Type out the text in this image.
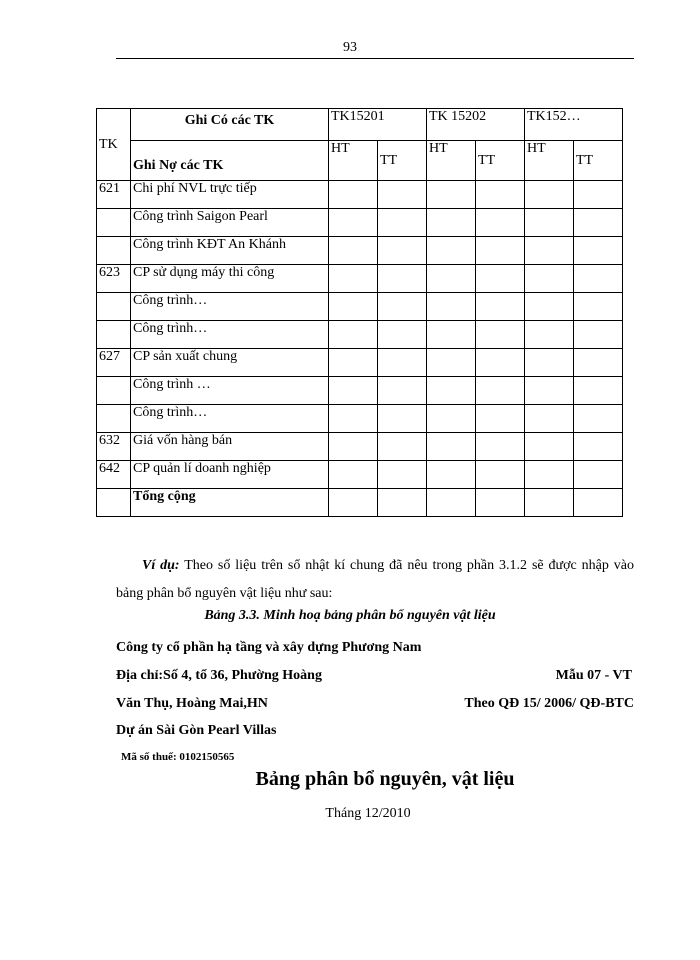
93
TK	Ghi Có các TK	TK15201		TK 15202		TK152…	
	Ghi Nợ các TK	HT	TT	HT	TT	HT	TT
621	Chi phí NVL trực tiếp						
	Công trình Saigon Pearl						
	Công trình KĐT An Khánh						
623	CP sử dụng máy thi công						
	Công trình…						
	Công trình…						
627	CP sản xuất chung						
	Công trình …						
	Công trình…						
632	Giá vốn hàng bán						
642	CP quản lí doanh nghiệp						
	Tổng cộng						
Ví dụ: Theo số liệu trên sổ nhật kí chung đã nêu trong phần 3.1.2 sẽ được nhập vào bảng phân bổ nguyên vật liệu như sau:
Bảng 3.3. Minh hoạ bảng phân bổ nguyên vật liệu
Công ty cổ phần hạ tầng và xây dựng Phương Nam
Địa chỉ:Số 4, tổ 36, Phường Hoàng	Mẫu 07 - VT
Văn Thụ, Hoàng Mai,HN	Theo QĐ 15/ 2006/ QĐ-BTC
Dự án Sài Gòn Pearl Villas
Mã số thuế: 0102150565
Bảng phân bổ nguyên, vật liệu
Tháng 12/2010
